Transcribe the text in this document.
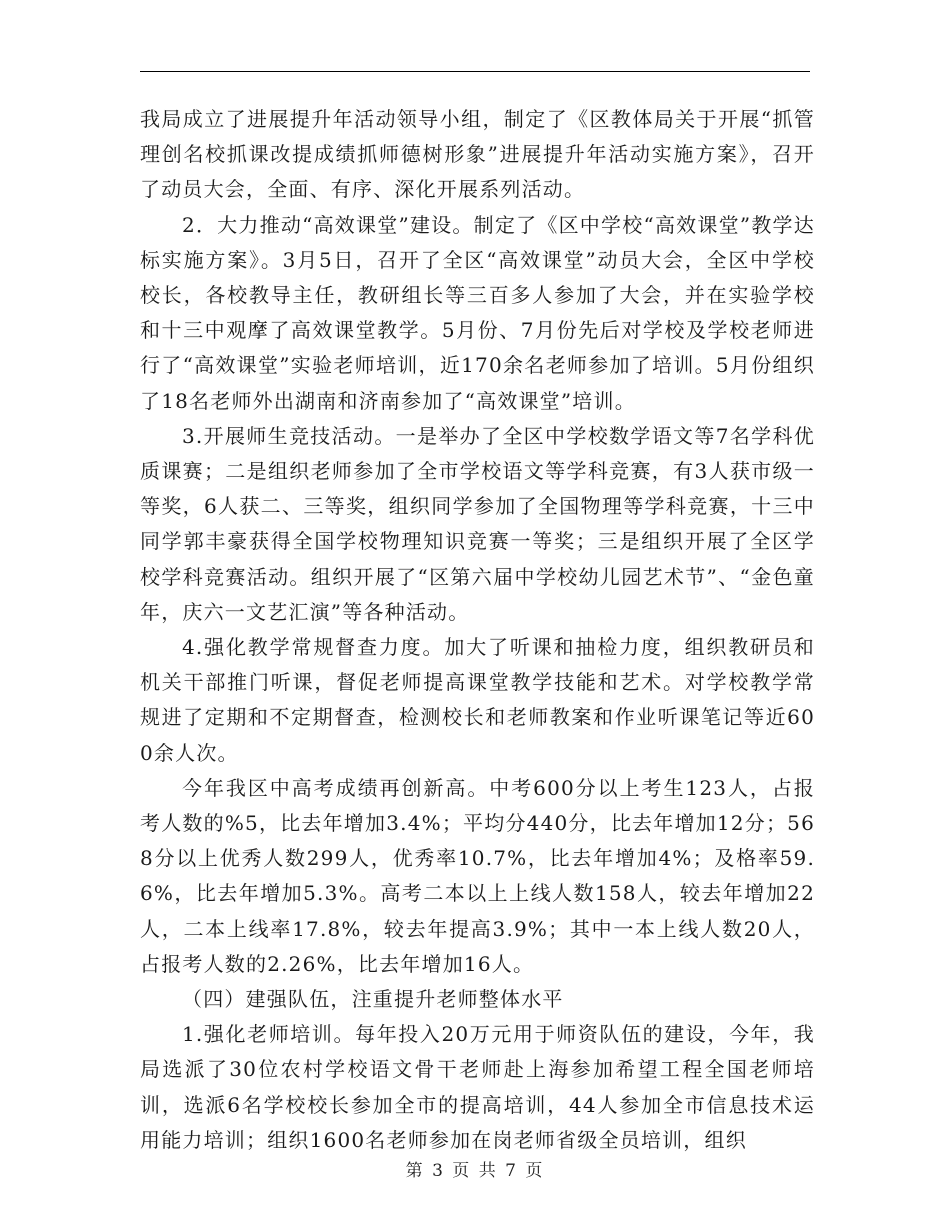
我局成立了进展提升年活动领导小组，制定了《区教体局关于开展“抓管理创名校抓课改提成绩抓师德树形象”进展提升年活动实施方案》，召开了动员大会，全面、有序、深化开展系列活动。

2．大力推动“高效课堂”建设。制定了《区中学校“高效课堂”教学达标实施方案》。3月5日，召开了全区“高效课堂”动员大会，全区中学校校长，各校教导主任，教研组长等三百多人参加了大会，并在实验学校和十三中观摩了高效课堂教学。5月份、7月份先后对学校及学校老师进行了“高效课堂”实验老师培训，近170余名老师参加了培训。5月份组织了18名老师外出湖南和济南参加了“高效课堂”培训。

3.开展师生竞技活动。一是举办了全区中学校数学语文等7名学科优质课赛；二是组织老师参加了全市学校语文等学科竞赛，有3人获市级一等奖，6人获二、三等奖，组织同学参加了全国物理等学科竞赛，十三中同学郭丰豪获得全国学校物理知识竞赛一等奖；三是组织开展了全区学校学科竞赛活动。组织开展了“区第六届中学校幼儿园艺术节”、“金色童年，庆六一文艺汇演”等各种活动。

4.强化教学常规督查力度。加大了听课和抽检力度，组织教研员和机关干部推门听课，督促老师提高课堂教学技能和艺术。对学校教学常规进了定期和不定期督查，检测校长和老师教案和作业听课笔记等近600余人次。

今年我区中高考成绩再创新高。中考600分以上考生123人，占报考人数的%5，比去年增加3.4%；平均分440分，比去年增加12分；568分以上优秀人数299人，优秀率10.7%，比去年增加4%；及格率59.6%，比去年增加5.3%。高考二本以上上线人数158人，较去年增加22人，二本上线率17.8%，较去年提高3.9%；其中一本上线人数20人，占报考人数的2.26%，比去年增加16人。

（四）建强队伍，注重提升老师整体水平

1.强化老师培训。每年投入20万元用于师资队伍的建设，今年，我局选派了30位农村学校语文骨干老师赴上海参加希望工程全国老师培训，选派6名学校校长参加全市的提高培训，44人参加全市信息技术运用能力培训；组织1600名老师参加在岗老师省级全员培训，组织

第 3 页 共 7 页
